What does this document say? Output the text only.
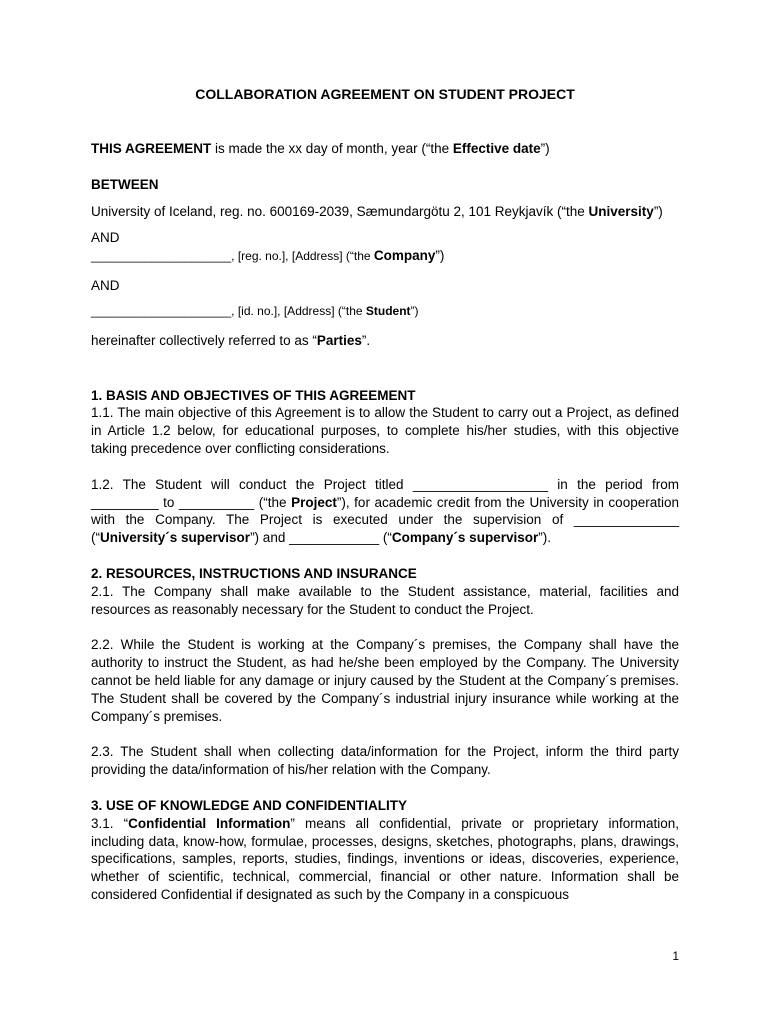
COLLABORATION AGREEMENT ON STUDENT PROJECT

THIS AGREEMENT is made the xx day of month, year (“the Effective date”)

BETWEEN

University of Iceland, reg. no. 600169-2039, Sæmundargötu 2, 101 Reykjavík (“the University”)

AND

_____________________, [reg. no.], [Address] (“the Company”)

AND

_____________________, [id. no.], [Address] (“the Student”)

hereinafter collectively referred to as “Parties”.

1. BASIS AND OBJECTIVES OF THIS AGREEMENT

1.1. The main objective of this Agreement is to allow the Student to carry out a Project, as defined in Article 1.2 below, for educational purposes, to complete his/her studies, with this objective taking precedence over conflicting considerations.

1.2. The Student will conduct the Project titled __________________ in the period from _________ to __________ (“the Project”), for academic credit from the University in cooperation with the Company. The Project is executed under the supervision of ______________ (“University´s supervisor”) and ____________ (“Company´s supervisor”).

2. RESOURCES, INSTRUCTIONS AND INSURANCE

2.1. The Company shall make available to the Student assistance, material, facilities and resources as reasonably necessary for the Student to conduct the Project.

2.2. While the Student is working at the Company´s premises, the Company shall have the authority to instruct the Student, as had he/she been employed by the Company. The University cannot be held liable for any damage or injury caused by the Student at the Company´s premises. The Student shall be covered by the Company´s industrial injury insurance while working at the Company´s premises.

2.3. The Student shall when collecting data/information for the Project, inform the third party providing the data/information of his/her relation with the Company.

3. USE OF KNOWLEDGE AND CONFIDENTIALITY

3.1. “Confidential Information” means all confidential, private or proprietary information, including data, know-how, formulae, processes, designs, sketches, photographs, plans, drawings, specifications, samples, reports, studies, findings, inventions or ideas, discoveries, experience, whether of scientific, technical, commercial, financial or other nature. Information shall be considered Confidential if designated as such by the Company in a conspicuous

1
